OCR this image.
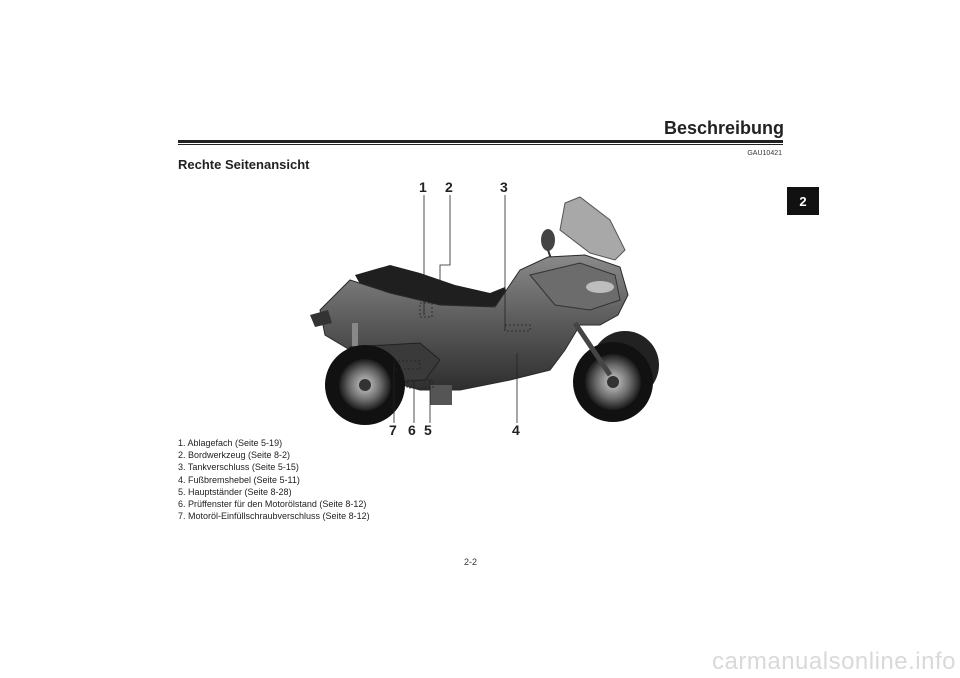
Beschreibung
2
GAU10421
Rechte Seitenansicht
1 2	3
4
5
6
7
1. Ablagefach (Seite 5-19)
2. Bordwerkzeug (Seite 8-2)
3. Tankverschluss (Seite 5-15)
4. Fußbremshebel (Seite 5-11)
5. Hauptständer (Seite 8-28)
6. Prüffenster für den Motorölstand (Seite 8-12)
7. Motoröl-Einfüllschraubverschluss (Seite 8-12)
2-2
carmanualsonline.info
